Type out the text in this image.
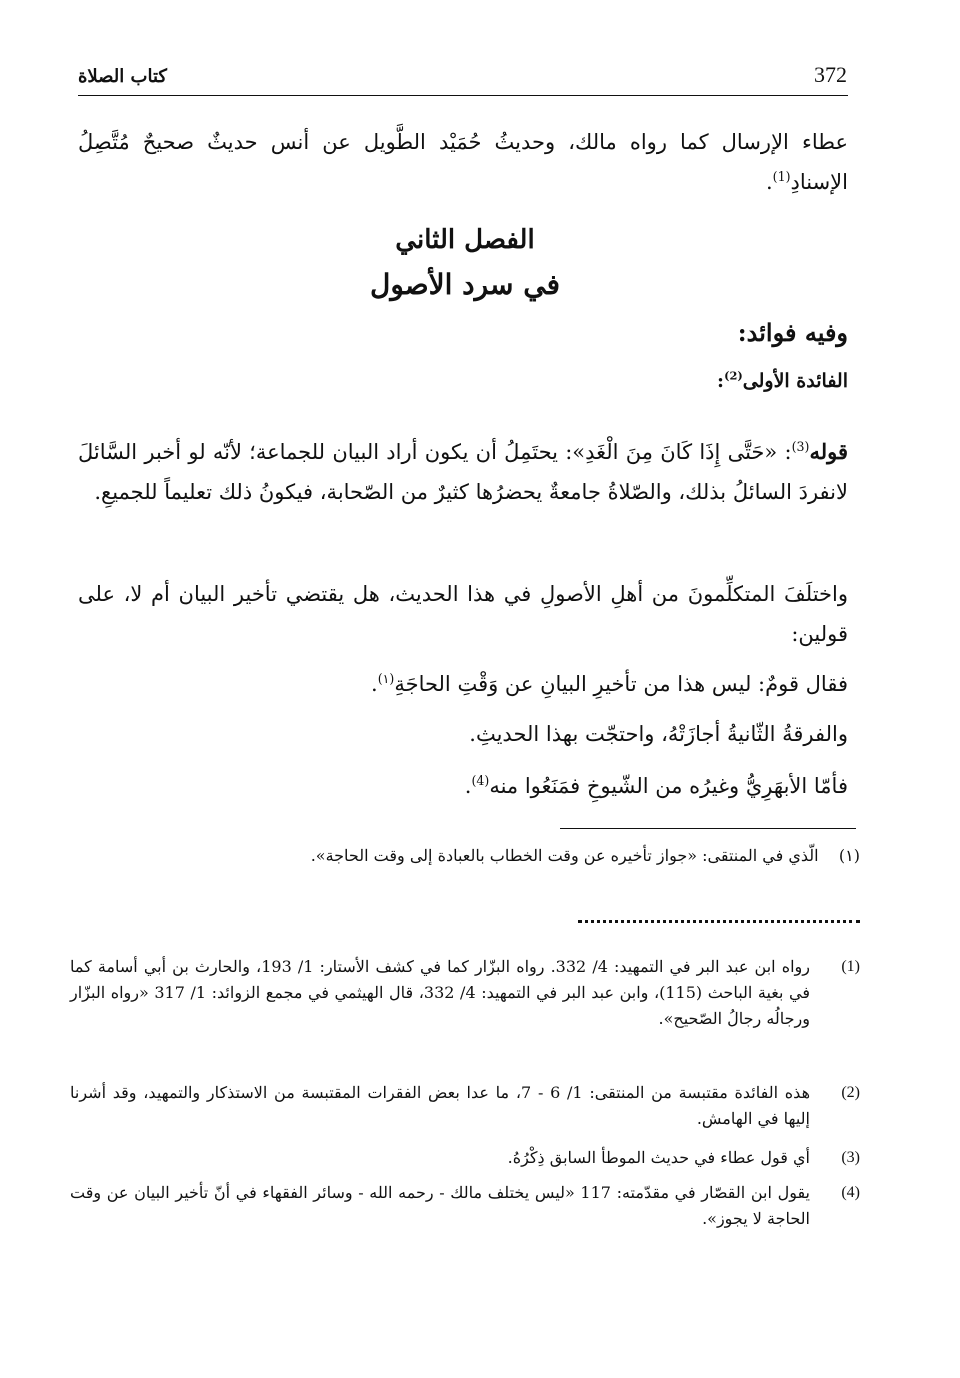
372
كتاب الصلاة
عطاء الإرسال كما رواه مالك، وحديثُ حُمَيْد الطَّويل عن أنس حديثٌ صحيحٌ مُتَّصِلُ الإسنادِ$^{(1)}$.
الفصل الثاني
في سرد الأصول
وفيه فوائد:
الفائدة الأولى$^{(2)}$:
قوله$^{(3)}$: «حَتَّى إِذَا كَانَ مِنَ الْغَدِ»: يحتَمِلُ أن يكون أراد البيان للجماعة؛ لأنّه لو أخبر السَّائلَ لانفردَ السائلُ بذلك، والصّلاةُ جامعةٌ يحضرُها كثيرٌ من الصّحابة، فيكونُ ذلك تعليماً للجميعِ.
واختلَفَ المتكلِّمونَ من أهلِ الأصولِ في هذا الحديث، هل يقتضي تأخير البيان أم لا، على قولين:
فقال قومٌ: ليس هذا من تأخيرِ البيانِ عن وَقْتِ الحاجَةِ$^{(١)}$.
والفرقةُ الثّانيةُ أجازَتْهُ، واحتجّت بهذا الحديثِ.
فأمّا الأبهَرِيُّ وغيرُه من الشّيوخِ فمَنَعُوا منه$^{(4)}$.
(١)    الّذي في المنتقى: «جواز تأخيره عن وقت الخطاب بالعبادة إلى وقت الحاجة».
(1)
رواه ابن عبد البر في التمهيد: 4/ 332. رواه البزّار كما في كشف الأستار: 1/ 193، والحارث بن أبي أسامة كما في بغية الباحث (115)، وابن عبد البر في التمهيد: 4/ 332، قال الهيثمي في مجمع الزوائد: 1/ 317 «رواه البزّار ورجالُه رجالُ الصّحيح».
(2)
هذه الفائدة مقتبسة من المنتقى: 1/ 6 - 7، ما عدا بعض الفقرات المقتبسة من الاستذكار والتمهيد، وقد أشرنا إليها في الهامش.
(3)
أي قول عطاء في حديث الموطأ السابق ذِكْرُهُ.
(4)
يقول ابن القصّار في مقدّمته: 117 «ليس يختلف مالك - رحمه الله - وسائر الفقهاء في أنّ تأخير البيان عن وقت الحاجة لا يجوز».
